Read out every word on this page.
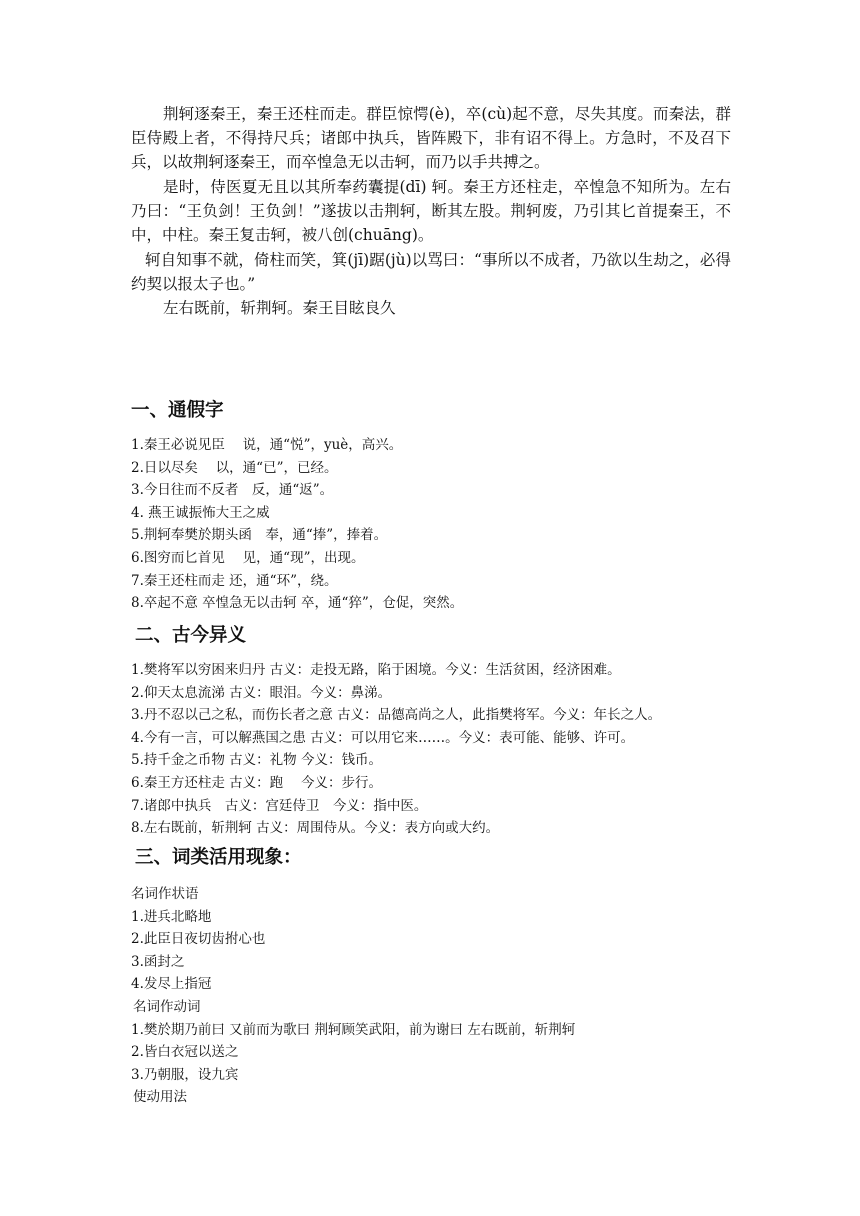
荆轲逐秦王，秦王还柱而走。群臣惊愕(è)，卒(cù)起不意，尽失其度。而秦法，群臣侍殿上者，不得持尺兵；诸郎中执兵，皆阵殿下，非有诏不得上。方急时，不及召下兵，以故荆轲逐秦王，而卒惶急无以击轲，而乃以手共搏之。

是时，侍医夏无且以其所奉药囊提(dī) 轲。秦王方还柱走，卒惶急不知所为。左右乃曰：“王负剑！王负剑！”遂拔以击荆轲，断其左股。荆轲废，乃引其匕首提秦王，不中，中柱。秦王复击轲，被八创(chuāng)。

轲自知事不就，倚柱而笑，箕(jī)踞(jù)以骂曰：“事所以不成者，乃欲以生劫之，必得约契以报太子也。”

左右既前，斩荆轲。秦王目眩良久

一、通假字
1.秦王必说见臣　 说，通“悦”，yuè，高兴。
2.日以尽矣　 以，通“已”，已经。
3.今日往而不反者　反，通“返”。
4. 燕王诚振怖大王之威
5.荆轲奉樊於期头函　奉，通“捧”，捧着。
6.图穷而匕首见　 见，通“现”，出现。
7.秦王还柱而走 还，通“环”，绕。
8.卒起不意 卒惶急无以击轲 卒，通“猝”，仓促，突然。
二、古今异义
1.樊将军以穷困来归丹 古义：走投无路，陷于困境。今义：生活贫困，经济困难。
2.仰天太息流涕 古义：眼泪。今义：鼻涕。
3.丹不忍以己之私，而伤长者之意 古义：品德高尚之人，此指樊将军。今义：年长之人。
4.今有一言，可以解燕国之患 古义：可以用它来……。今义：表可能、能够、许可。
5.持千金之币物 古义：礼物 今义：钱币。
6.秦王方还柱走 古义：跑　 今义：步行。
7.诸郎中执兵　古义：宫廷侍卫　今义：指中医。
8.左右既前，斩荆轲 古义：周围侍从。今义：表方向或大约。
三、词类活用现象：
名词作状语
1.进兵北略地
2.此臣日夜切齿拊心也
3.函封之
4.发尽上指冠
名词作动词
1.樊於期乃前曰 又前而为歌曰 荆轲顾笑武阳，前为谢曰 左右既前，斩荆轲
2.皆白衣冠以送之
3.乃朝服，设九宾
使动用法
